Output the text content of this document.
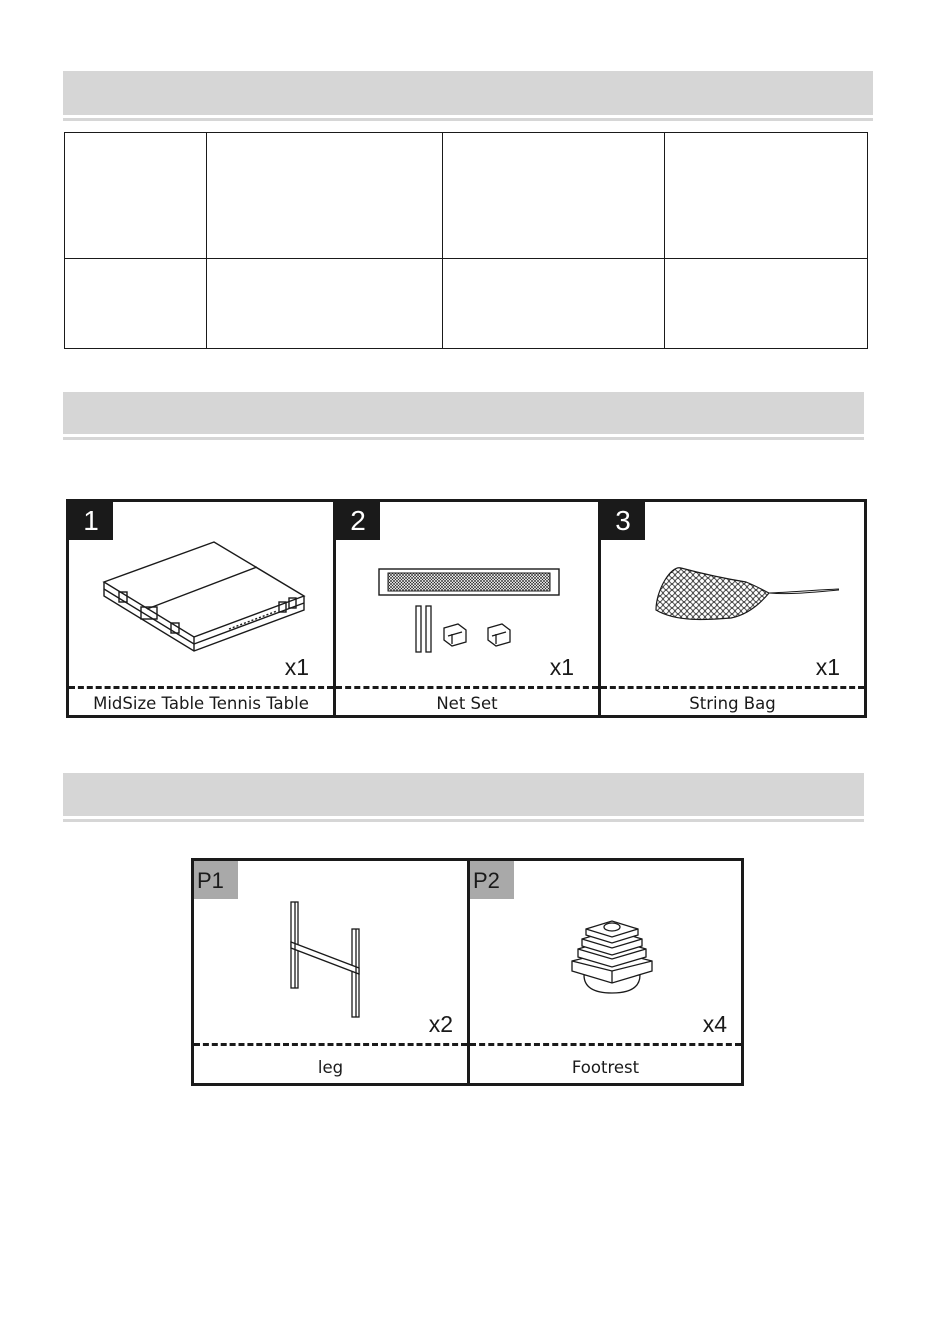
1
x1
MidSize Table Tennis Table
2
x1
Net Set
3
x1
String Bag
P1
x2
leg
P2
x4
Footrest
